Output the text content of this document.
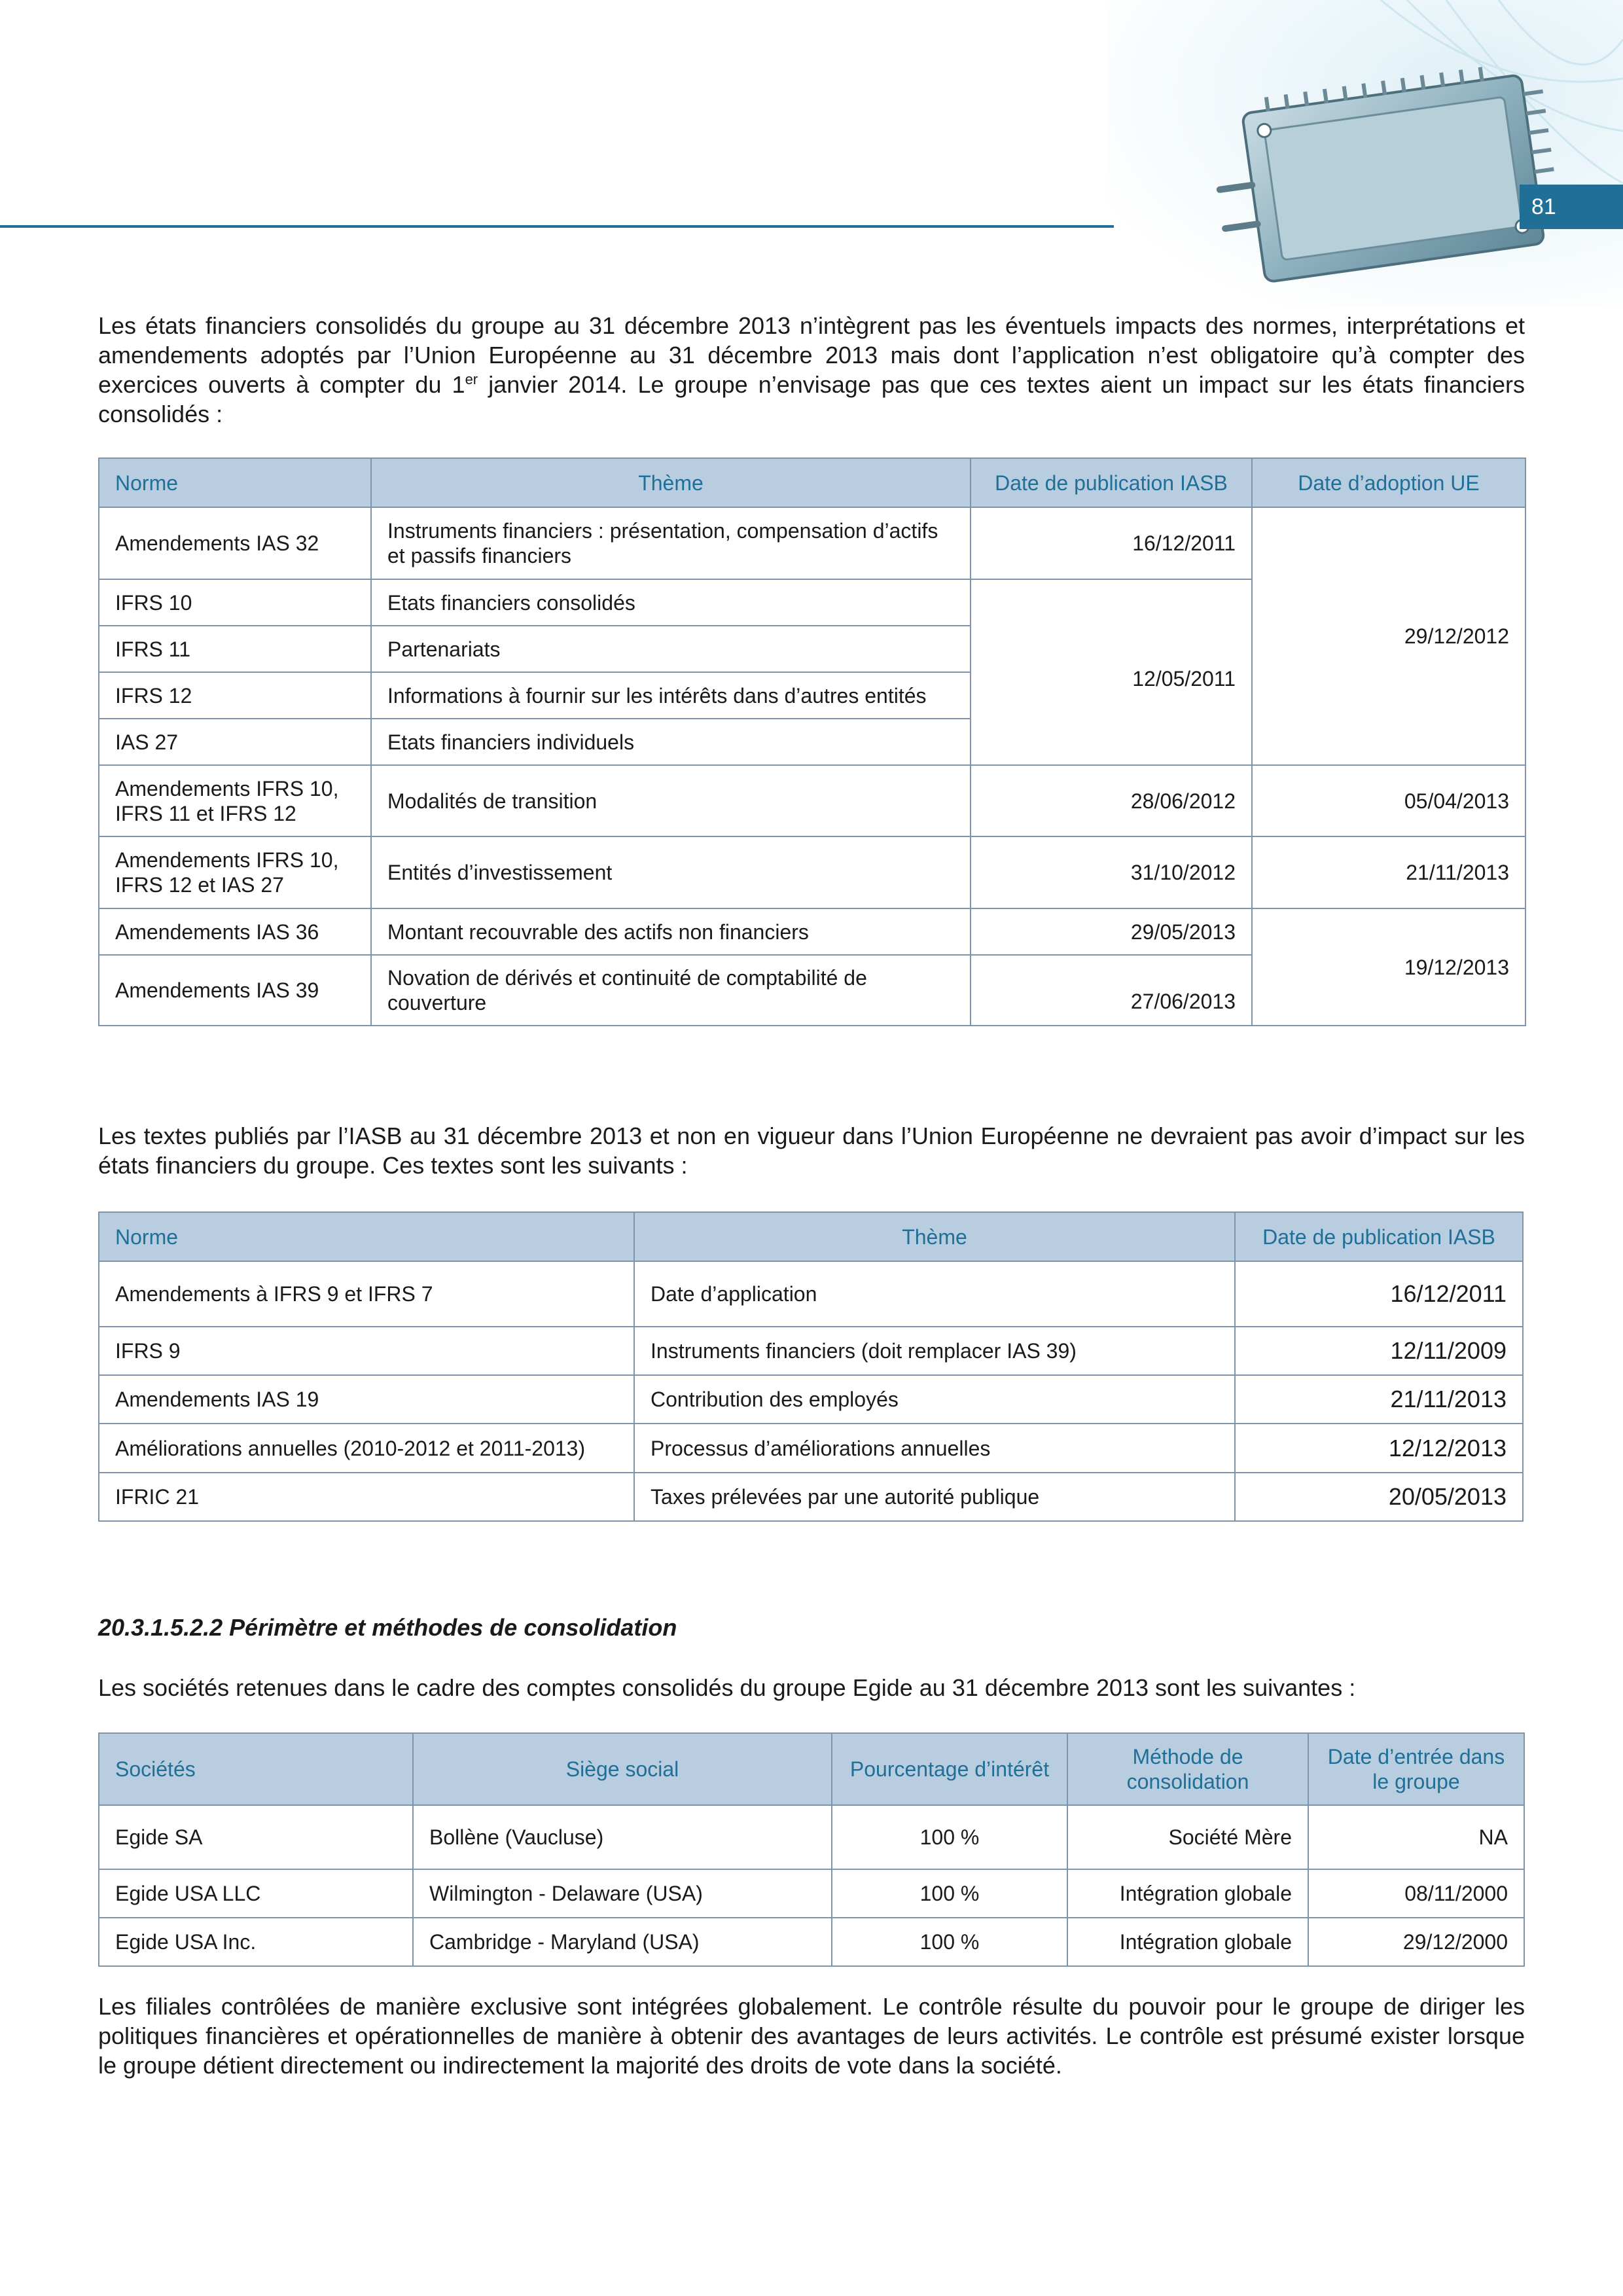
81

Les états financiers consolidés du groupe au 31 décembre 2013 n’intègrent pas les éventuels impacts des normes, interprétations et amendements adoptés par l’Union Européenne au 31 décembre 2013 mais dont l’application n’est obligatoire qu’à compter des exercices ouverts à compter du 1er janvier 2014. Le groupe n’envisage pas que ces textes aient un impact sur les états financiers consolidés :

Norme	Thème	Date de publication IASB	Date d’adoption UE
Amendements IAS 32	Instruments financiers : présentation, compensation d’actifs et passifs financiers	16/12/2011	29/12/2012
IFRS 10	Etats financiers consolidés	12/05/2011	
IFRS 11	Partenariats		
IFRS 12	Informations à fournir sur les intérêts dans d’autres entités		
IAS 27	Etats financiers individuels		
Amendements IFRS 10, IFRS 11 et IFRS 12	Modalités de transition	28/06/2012	05/04/2013
Amendements IFRS 10, IFRS 12 et IAS 27	Entités d’investissement	31/10/2012	21/11/2013
Amendements IAS 36	Montant recouvrable des actifs non financiers	29/05/2013	19/12/2013
Amendements IAS 39	Novation de dérivés et continuité de comptabilité de couverture	27/06/2013	

Les textes publiés par l’IASB au 31 décembre 2013 et non en vigueur dans l’Union Européenne ne devraient pas avoir d’impact sur les états financiers du groupe. Ces textes sont les suivants :

Norme	Thème	Date de publication IASB
Amendements à IFRS 9 et IFRS 7	Date d’application	16/12/2011
IFRS 9	Instruments financiers (doit remplacer IAS 39)	12/11/2009
Amendements IAS 19	Contribution des employés	21/11/2013
Améliorations annuelles (2010-2012 et 2011-2013)	Processus d’améliorations annuelles	12/12/2013
IFRIC 21	Taxes prélevées par une autorité publique	20/05/2013

20.3.1.5.2.2 Périmètre et méthodes de consolidation

Les sociétés retenues dans le cadre des comptes consolidés du groupe Egide au 31 décembre 2013 sont les suivantes :

Sociétés	Siège social	Pourcentage d’intérêt	Méthode de consolidation	Date d’entrée dans le groupe
Egide SA	Bollène (Vaucluse)	100 %	Société Mère	NA
Egide USA LLC	Wilmington - Delaware (USA)	100 %	Intégration globale	08/11/2000
Egide USA Inc.	Cambridge - Maryland (USA)	100 %	Intégration globale	29/12/2000

Les filiales contrôlées de manière exclusive sont intégrées globalement. Le contrôle résulte du pouvoir pour le groupe de diriger les politiques financières et opérationnelles de manière à obtenir des avantages de leurs activités. Le contrôle est présumé exister lorsque le groupe détient directement ou indirectement la majorité des droits de vote dans la société.
